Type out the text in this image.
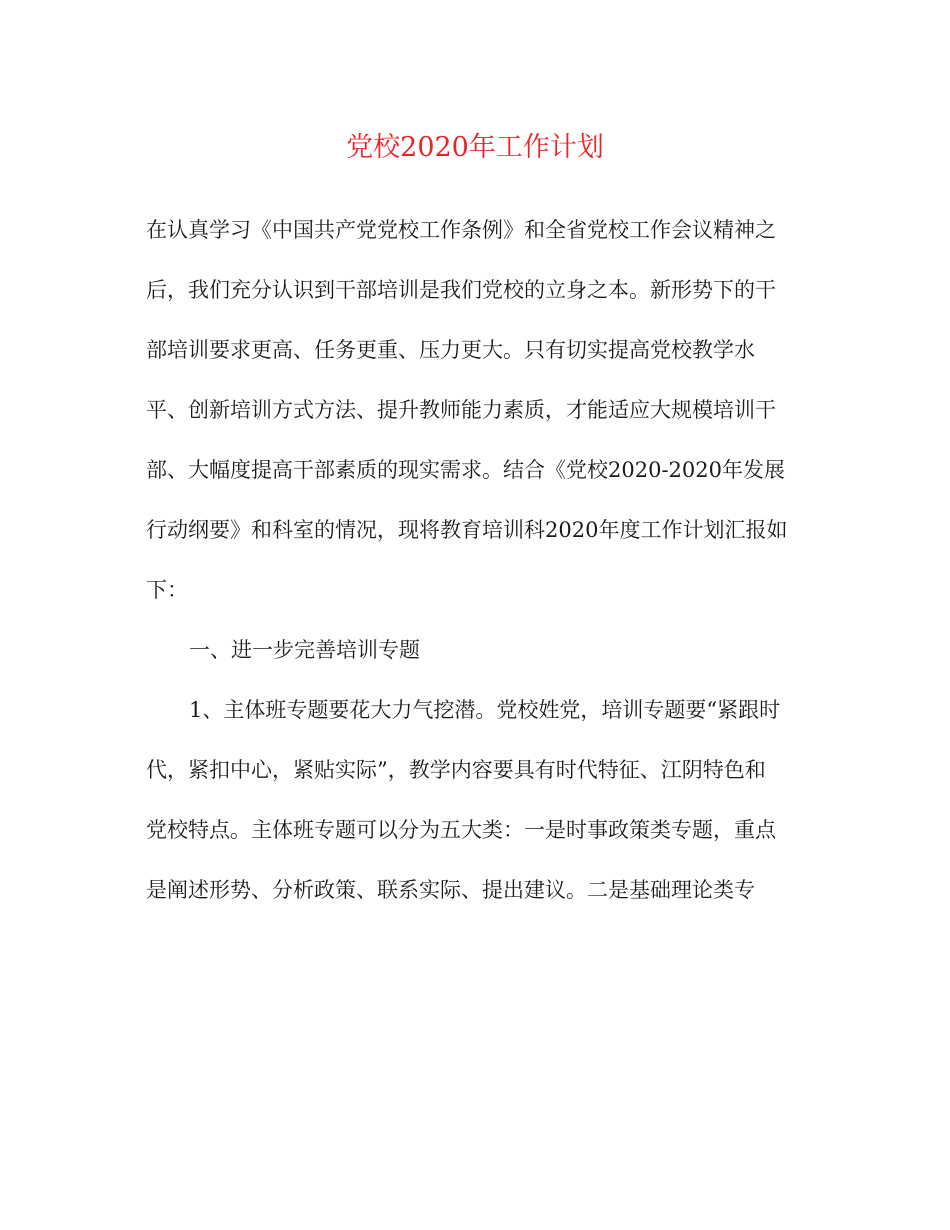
党校2020年工作计划
在认真学习《中国共产党党校工作条例》和全省党校工作会议精神之
后，我们充分认识到干部培训是我们党校的立身之本。新形势下的干
部培训要求更高、任务更重、压力更大。只有切实提高党校教学水
平、创新培训方式方法、提升教师能力素质，才能适应大规模培训干
部、大幅度提高干部素质的现实需求。结合《党校2020-2020年发展
行动纲要》和科室的情况，现将教育培训科2020年度工作计划汇报如
下：
一、进一步完善培训专题
1、主体班专题要花大力气挖潜。党校姓党，培训专题要“紧跟时
代，紧扣中心，紧贴实际”，教学内容要具有时代特征、江阴特色和
党校特点。主体班专题可以分为五大类：一是时事政策类专题，重点
是阐述形势、分析政策、联系实际、提出建议。二是基础理论类专
